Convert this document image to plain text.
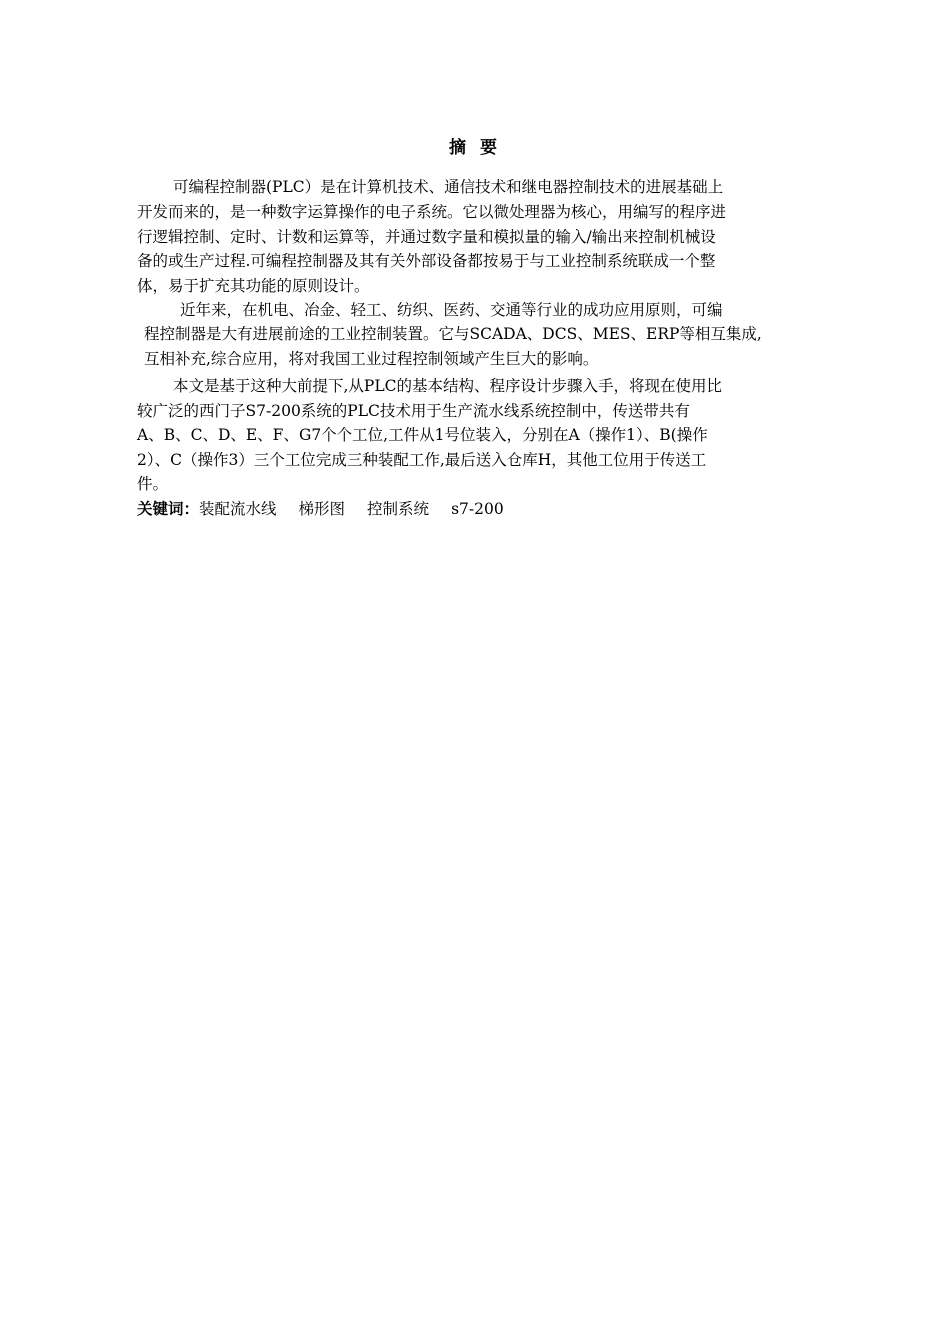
摘 要
可编程控制器(PLC）是在计算机技术、通信技术和继电器控制技术的进展基础上
开发而来的，是一种数字运算操作的电子系统。它以微处理器为核心，用编写的程序进
行逻辑控制、定时、计数和运算等，并通过数字量和模拟量的输入/输出来控制机械设
备的或生产过程.可编程控制器及其有关外部设备都按易于与工业控制系统联成一个整
体，易于扩充其功能的原则设计。
近年来，在机电、冶金、轻工、纺织、医药、交通等行业的成功应用原则，可编
程控制器是大有进展前途的工业控制装置。它与SCADA、DCS、MES、ERP等相互集成,
互相补充,综合应用，将对我国工业过程控制领域产生巨大的影响。
本文是基于这种大前提下,从PLC的基本结构、程序设计步骤入手，将现在使用比
较广泛的西门子S7-200系统的PLC技术用于生产流水线系统控制中，传送带共有
A、B、C、D、E、F、G7个个工位,工件从1号位装入，分别在A（操作1）、B(操作
2）、C（操作3）三个工位完成三种装配工作,最后送入仓库H，其他工位用于传送工
件。
关键词：装配流水线 梯形图 控制系统 s7-200
